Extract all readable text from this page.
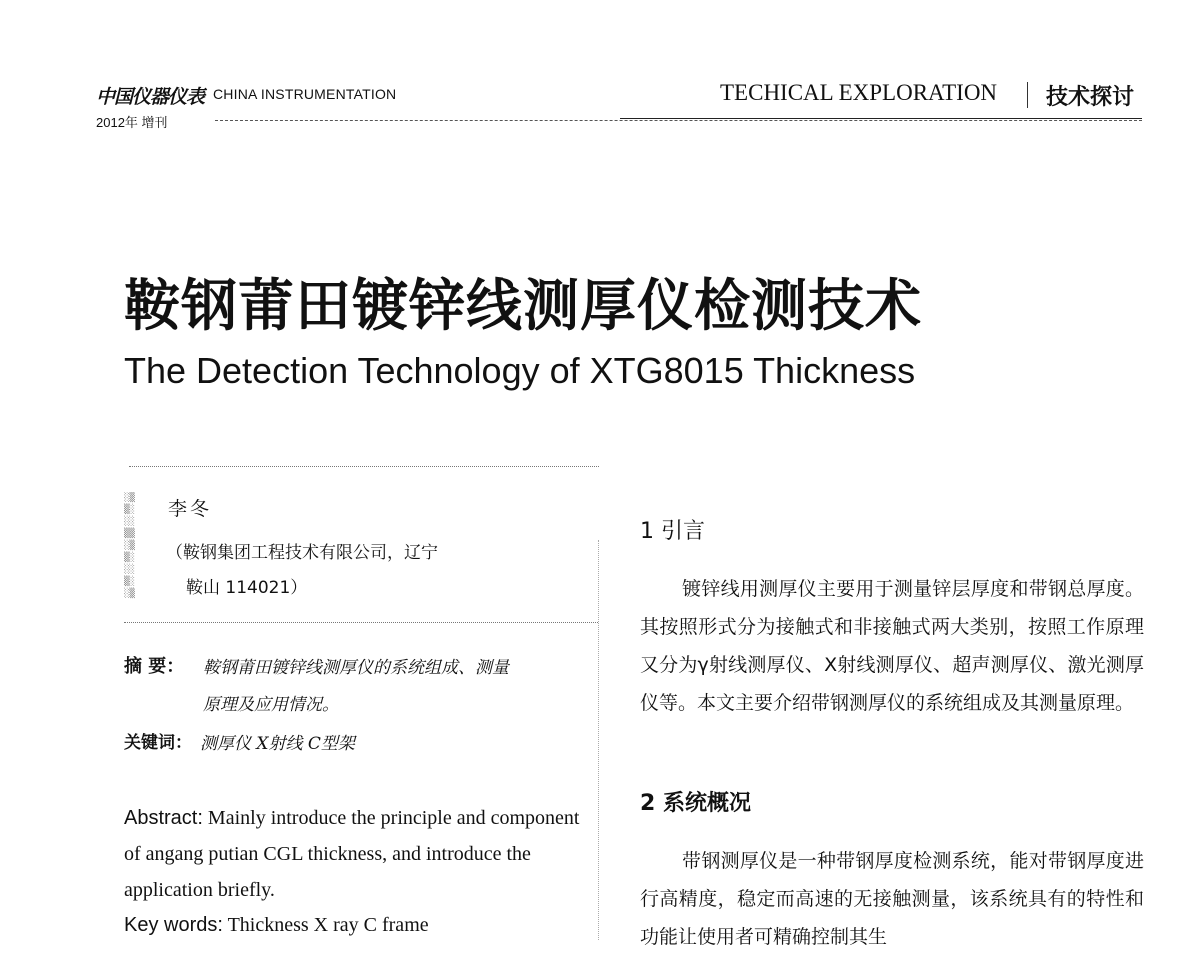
中国仪器仪表 CHINA INSTRUMENTATION
2012年 增刊
TECHICAL EXPLORATION 技术探讨
鞍钢莆田镀锌线测厚仪检测技术
The Detection Technology of XTG8015 Thickness
░▒
▒░
░░
▒▒
░▒
▒░
░░
▒░
░▒
李冬
（鞍钢集团工程技术有限公司，辽宁
鞍山 114021）
摘 要： 鞍钢莆田镀锌线测厚仪的系统组成、测量
原理及应用情况。
关键词： 测厚仪 X射线 C型架
Abstract: Mainly introduce the principle and component of angang putian CGL thickness, and introduce the application briefly.
Key words: Thickness X ray C frame
1 引言
镀锌线用测厚仪主要用于测量锌层厚度和带钢总厚度。其按照形式分为接触式和非接触式两大类别，按照工作原理又分为γ射线测厚仪、X射线测厚仪、超声测厚仪、激光测厚仪等。本文主要介绍带钢测厚仪的系统组成及其测量原理。
2 系统概况
带钢测厚仪是一种带钢厚度检测系统，能对带钢厚度进行高精度，稳定而高速的无接触测量，该系统具有的特性和功能让使用者可精确控制其生
